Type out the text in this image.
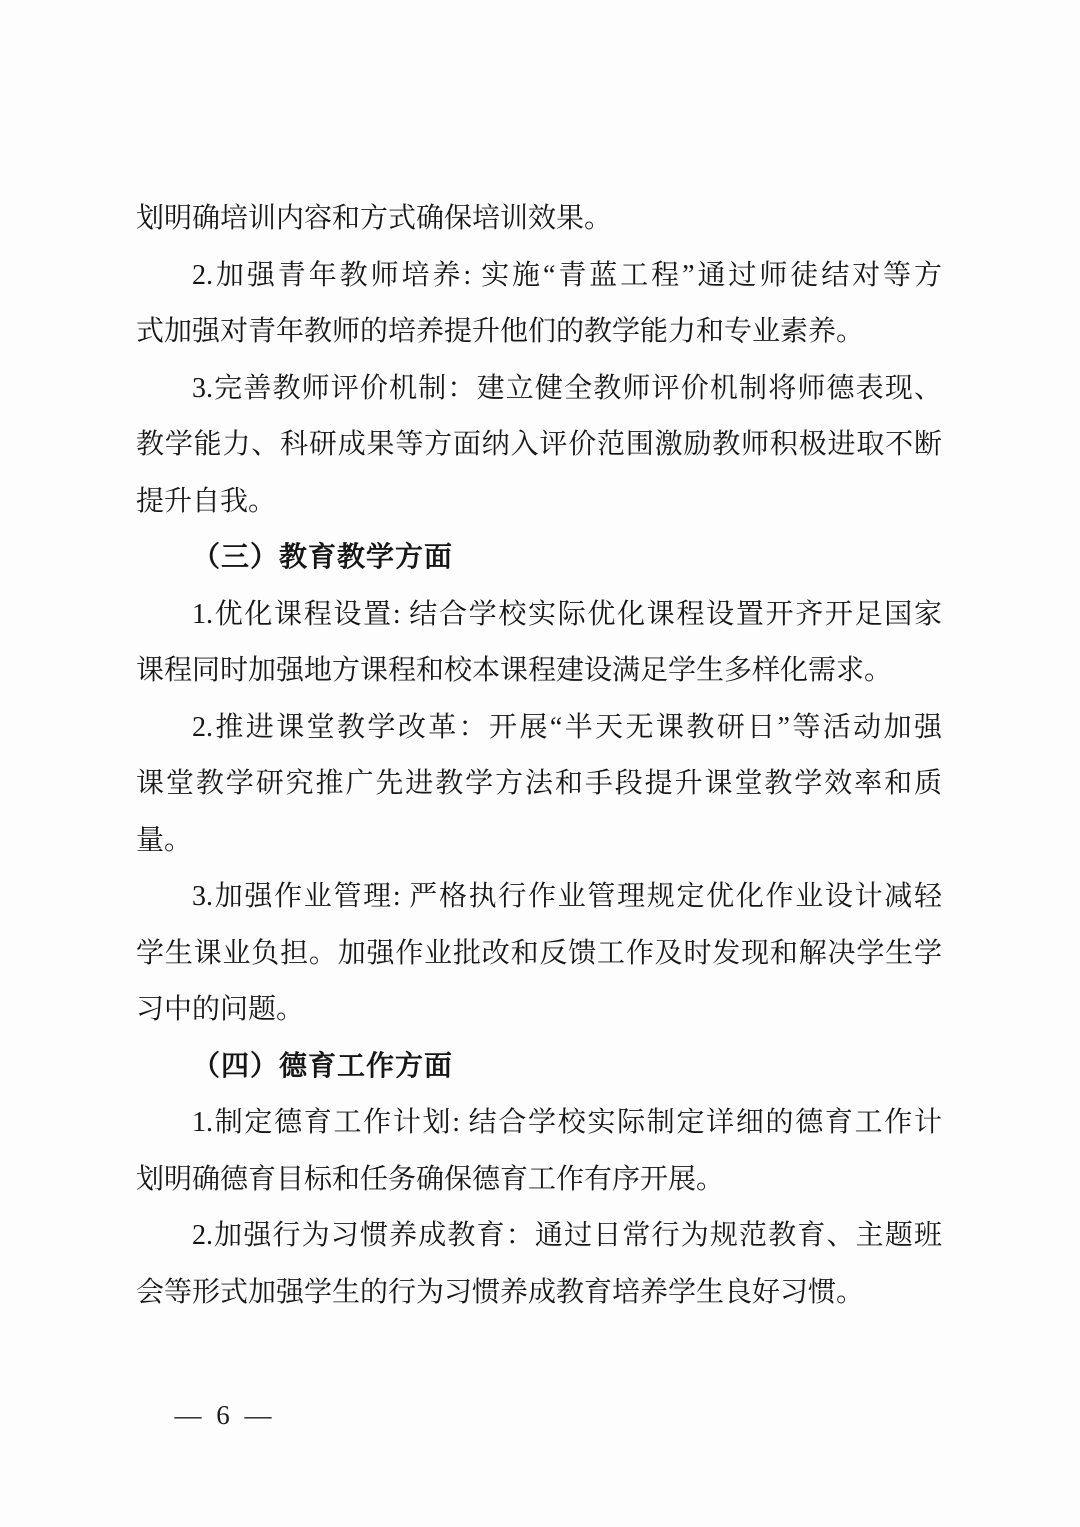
划明确培训内容和方式确保培训效果。
2.加强青年教师培养: 实施“青蓝工程”通过师徒结对等方
式加强对青年教师的培养提升他们的教学能力和专业素养。
3.完善教师评价机制：建立健全教师评价机制将师德表现、
教学能力、科研成果等方面纳入评价范围激励教师积极进取不断
提升自我。
（三）教育教学方面
1.优化课程设置: 结合学校实际优化课程设置开齐开足国家
课程同时加强地方课程和校本课程建设满足学生多样化需求。
2.推进课堂教学改革：开展“半天无课教研日”等活动加强
课堂教学研究推广先进教学方法和手段提升课堂教学效率和质
量。
3.加强作业管理: 严格执行作业管理规定优化作业设计减轻
学生课业负担。加强作业批改和反馈工作及时发现和解决学生学
习中的问题。
（四）德育工作方面
1.制定德育工作计划: 结合学校实际制定详细的德育工作计
划明确德育目标和任务确保德育工作有序开展。
2.加强行为习惯养成教育：通过日常行为规范教育、主题班
会等形式加强学生的行为习惯养成教育培养学生良好习惯。
— 6 —
